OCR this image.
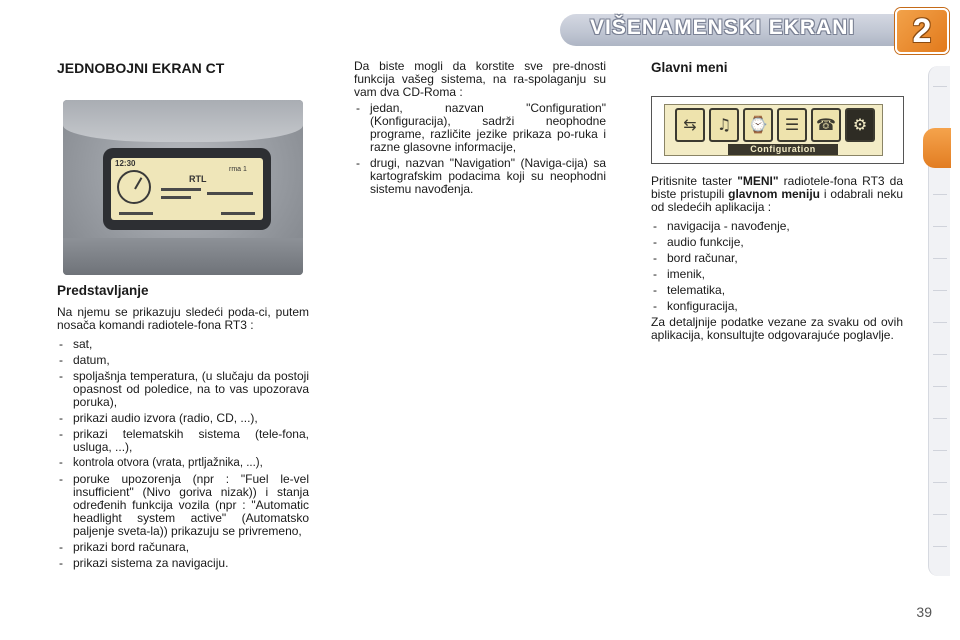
VIŠENAMENSKI EKRANI	2
JEDNOBOJNI EKRAN CT
12:30
RTL
rma 1
Predstavljanje

Na njemu se prikazuju sledeći poda-ci, putem nosača komandi radiotele-fona RT3 :

- sat,
- datum,
- spoljašnja temperatura, (u slučaju da postoji opasnost od poledice, na to vas upozorava poruka),
- prikazi audio izvora (radio, CD, ...),
- prikazi telematskih sistema (tele-fona, usluga, ...),
- kontrola otvora (vrata, prtljažnika, ...),
- poruke upozorenja (npr : "Fuel le-vel insufficient" (Nivo goriva nizak)) i stanja određenih funkcija vozila (npr : "Automatic headlight system active" (Automatsko paljenje sveta-la)) prikazuju se privremeno,
- prikazi bord računara,
- prikazi sistema za navigaciju.

Da biste mogli da korstite sve pre-dnosti funkcija vašeg sistema, na ra-spolaganju su vam dva CD-Roma :

- jedan, nazvan "Configuration" (Konfiguracija), sadrži neophodne programe, različite jezike prikaza po-ruka i razne glasovne informacije,
- drugi, nazvan "Navigation" (Naviga-cija) sa kartografskim podacima koji su neophodni sistemu navođenja.
Glavni meni
⇆	♫	⌚	☰	☎	⚙
Configuration

Pritisnite taster "MENI" radiotele-fona RT3 da biste pristupili glavnom meniju i odabrali neku od sledećih aplikacija :

- navigacija - navođenje,
- audio funkcije,
- bord računar,
- imenik,
- telematika,
- konfiguracija,

Za detaljnije podatke vezane za svaku od ovih aplikacija, konsultujte odgovarajuće poglavlje.

39
